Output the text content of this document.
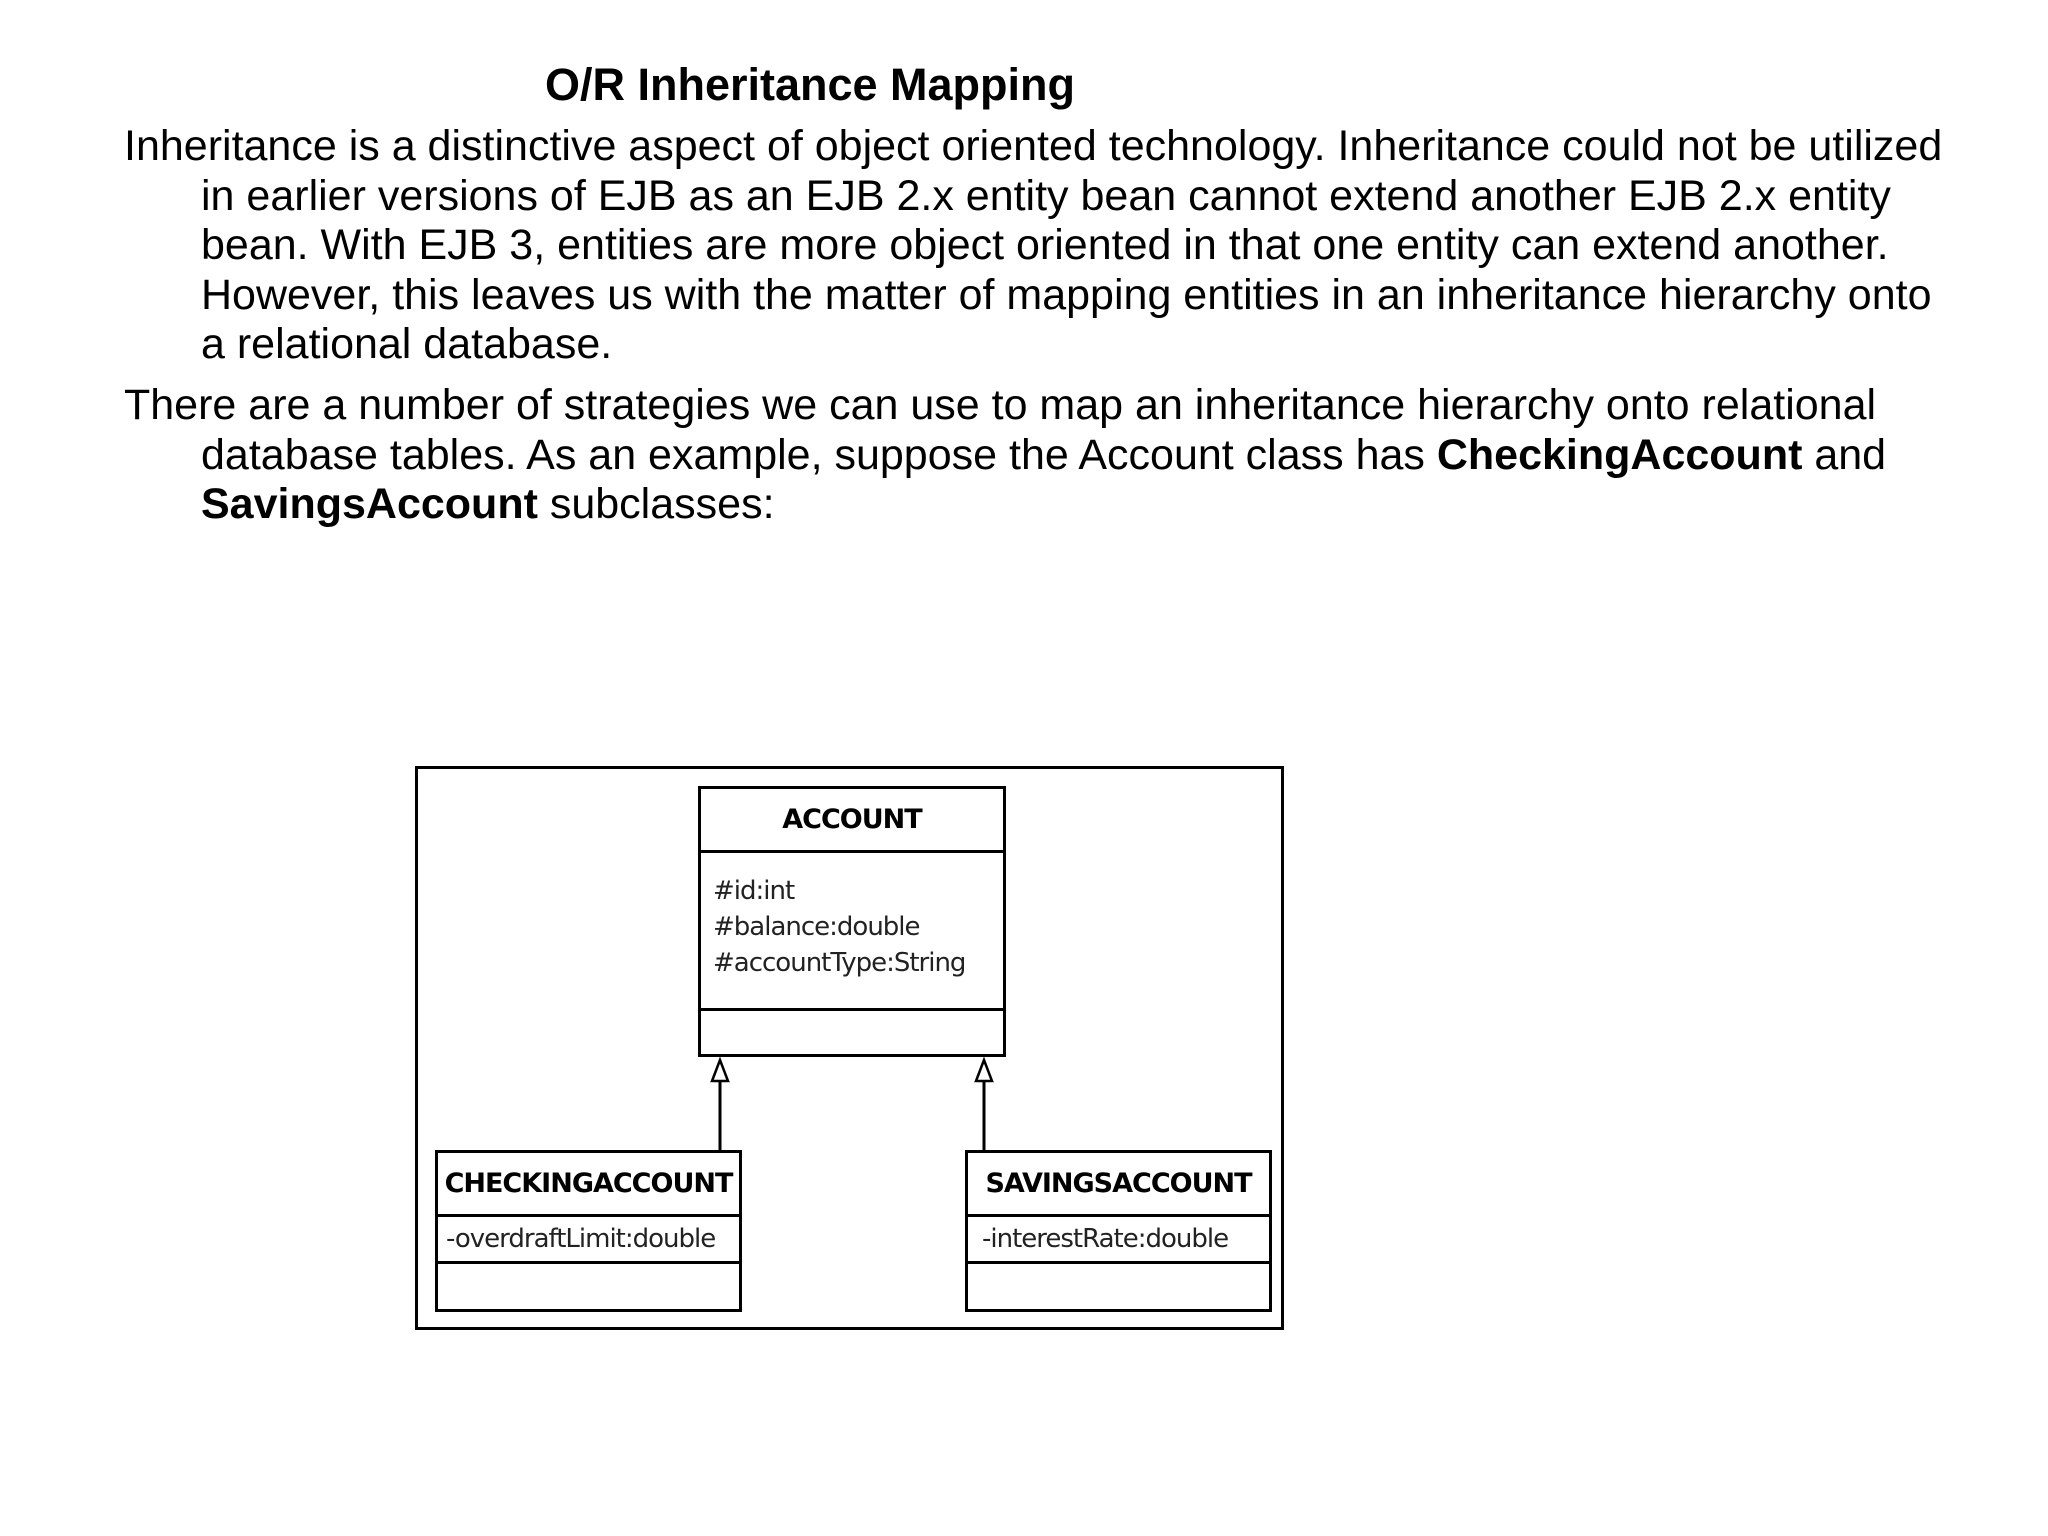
O/R Inheritance Mapping

Inheritance is a distinctive aspect of object oriented technology. Inheritance could not be utilized in earlier versions of EJB as an EJB 2.x entity bean cannot extend another EJB 2.x entity bean. With EJB 3, entities are more object oriented in that one entity can extend another. However, this leaves us with the matter of mapping entities in an inheritance hierarchy onto a relational database.

There are a number of strategies we can use to map an inheritance hierarchy onto relational database tables. As an example, suppose the Account class has CheckingAccount and SavingsAccount subclasses:

ACCOUNT
#id:int
#balance:double
#accountType:String
CHECKINGACCOUNT
-overdraftLimit:double
SAVINGSACCOUNT
-interestRate:double
